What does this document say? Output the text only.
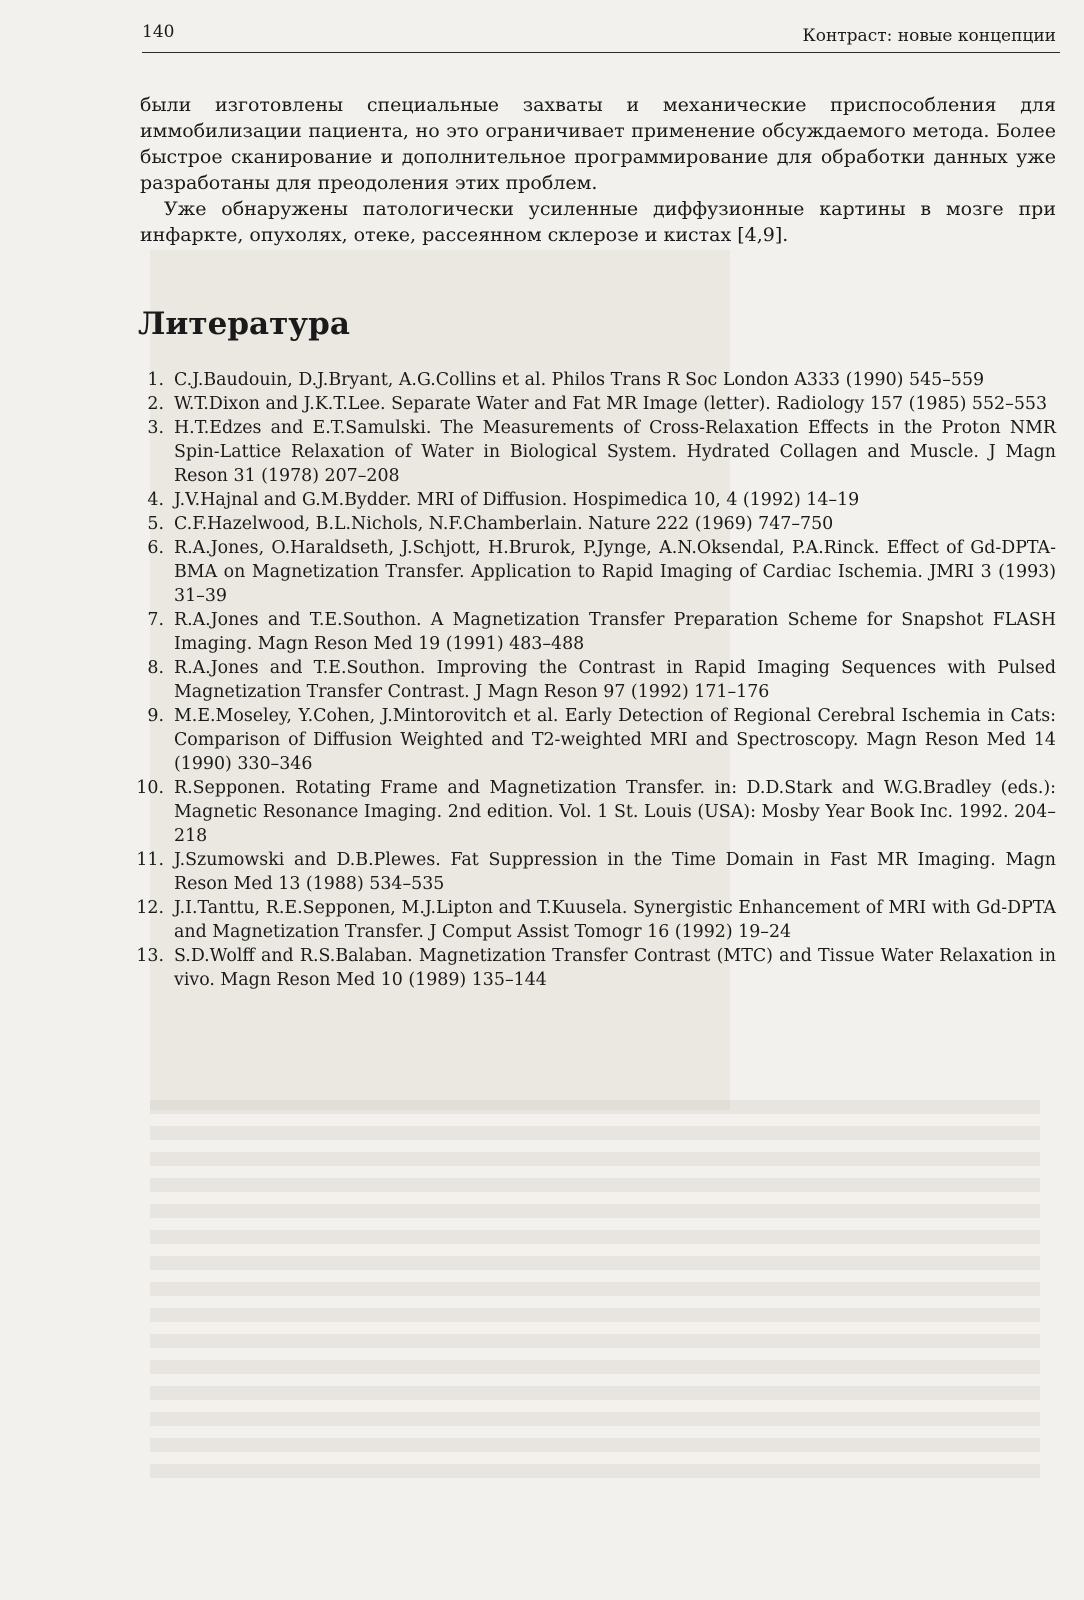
140	Контраст: новые концепции

были изготовлены специальные захваты и механические приспособления для иммобилизации пациента, но это ограничивает применение обсуждаемого метода. Более быстрое сканирование и дополнительное программирование для обработки данных уже разработаны для преодоления этих проблем.

Уже обнаружены патологически усиленные диффузионные картины в мозге при инфаркте, опухолях, отеке, рассеянном склерозе и кистах [4,9].

Литература
1. C.J.Baudouin, D.J.Bryant, A.G.Collins et al. Philos Trans R Soc London A333 (1990) 545–559
2. W.T.Dixon and J.K.T.Lee. Separate Water and Fat MR Image (letter). Radiology 157 (1985) 552–553
3. H.T.Edzes and E.T.Samulski. The Measurements of Cross-Relaxation Effects in the Proton NMR Spin-Lattice Relaxation of Water in Biological System. Hydrated Collagen and Muscle. J Magn Reson 31 (1978) 207–208
4. J.V.Hajnal and G.M.Bydder. MRI of Diffusion. Hospimedica 10, 4 (1992) 14–19
5. C.F.Hazelwood, B.L.Nichols, N.F.Chamberlain. Nature 222 (1969) 747–750
6. R.A.Jones, O.Haraldseth, J.Schjott, H.Brurok, P.Jynge, A.N.Oksendal, P.A.Rinck. Effect of Gd-DPTA-BMA on Magnetization Transfer. Application to Rapid Imaging of Cardiac Ischemia. JMRI 3 (1993) 31–39
7. R.A.Jones and T.E.Southon. A Magnetization Transfer Preparation Scheme for Snapshot FLASH Imaging. Magn Reson Med 19 (1991) 483–488
8. R.A.Jones and T.E.Southon. Improving the Contrast in Rapid Imaging Sequences with Pulsed Magnetization Transfer Contrast. J Magn Reson 97 (1992) 171–176
9. M.E.Moseley, Y.Cohen, J.Mintorovitch et al. Early Detection of Regional Cerebral Ischemia in Cats: Comparison of Diffusion Weighted and T2-weighted MRI and Spectroscopy. Magn Reson Med 14 (1990) 330–346
10. R.Sepponen. Rotating Frame and Magnetization Transfer. in: D.D.Stark and W.G.Bradley (eds.): Magnetic Resonance Imaging. 2nd edition. Vol. 1 St. Louis (USA): Mosby Year Book Inc. 1992. 204–218
11. J.Szumowski and D.B.Plewes. Fat Suppression in the Time Domain in Fast MR Imaging. Magn Reson Med 13 (1988) 534–535
12. J.I.Tanttu, R.E.Sepponen, M.J.Lipton and T.Kuusela. Synergistic Enhancement of MRI with Gd-DPTA and Magnetization Transfer. J Comput Assist Tomogr 16 (1992) 19–24
13. S.D.Wolff and R.S.Balaban. Magnetization Transfer Contrast (MTC) and Tissue Water Relaxation in vivo. Magn Reson Med 10 (1989) 135–144
